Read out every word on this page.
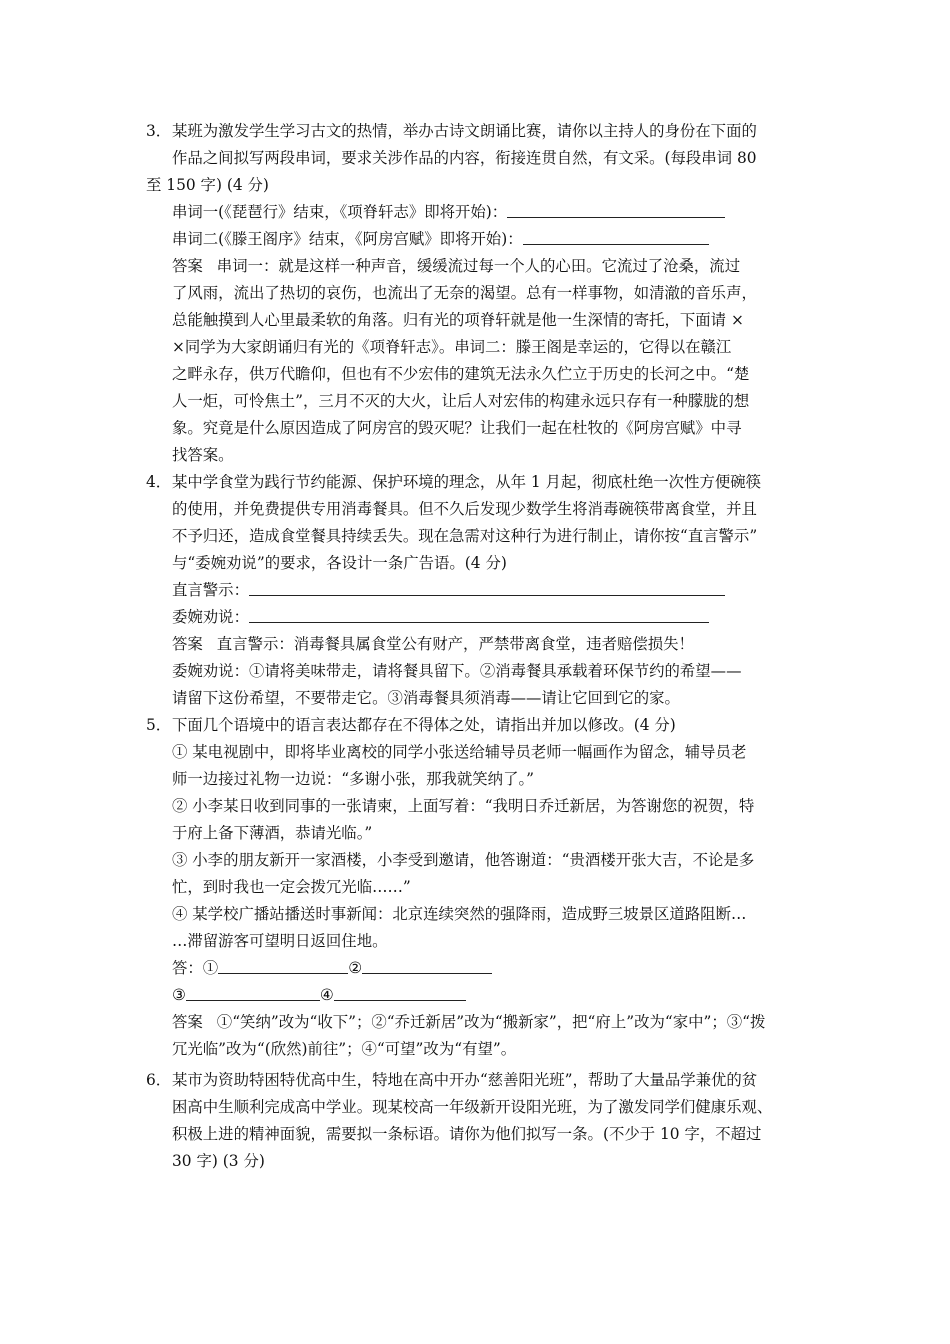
3．某班为激发学生学习古文的热情，举办古诗文朗诵比赛，请你以主持人的身份在下面的
作品之间拟写两段串词，要求关涉作品的内容，衔接连贯自然，有文采。(每段串词 80
至 150 字) (4 分)
串词一(《琵琶行》结束，《项脊轩志》即将开始)：
串词二(《滕王阁序》结束，《阿房宫赋》即将开始)：
答案 串词一：就是这样一种声音，缓缓流过每一个人的心田。它流过了沧桑，流过
了风雨，流出了热切的哀伤，也流出了无奈的渴望。总有一样事物，如清澈的音乐声，
总能触摸到人心里最柔软的角落。归有光的项脊轩就是他一生深情的寄托，下面请 ×
×同学为大家朗诵归有光的《项脊轩志》。串词二：滕王阁是幸运的，它得以在赣江
之畔永存，供万代瞻仰，但也有不少宏伟的建筑无法永久伫立于历史的长河之中。“楚
人一炬，可怜焦土”，三月不灭的大火，让后人对宏伟的构建永远只存有一种朦胧的想
象。究竟是什么原因造成了阿房宫的毁灭呢？让我们一起在杜牧的《阿房宫赋》中寻
找答案。
4．某中学食堂为践行节约能源、保护环境的理念，从年 1 月起，彻底杜绝一次性方便碗筷
的使用，并免费提供专用消毒餐具。但不久后发现少数学生将消毒碗筷带离食堂，并且
不予归还，造成食堂餐具持续丢失。现在急需对这种行为进行制止，请你按“直言警示”
与“委婉劝说”的要求，各设计一条广告语。(4 分)
直言警示：
委婉劝说：
答案 直言警示：消毒餐具属食堂公有财产，严禁带离食堂，违者赔偿损失！
委婉劝说：①请将美味带走，请将餐具留下。②消毒餐具承载着环保节约的希望——
请留下这份希望，不要带走它。③消毒餐具须消毒——请让它回到它的家。
5．下面几个语境中的语言表达都存在不得体之处，请指出并加以修改。(4 分)
① 某电视剧中，即将毕业离校的同学小张送给辅导员老师一幅画作为留念，辅导员老
师一边接过礼物一边说：“多谢小张，那我就笑纳了。”
② 小李某日收到同事的一张请柬，上面写着：“我明日乔迁新居，为答谢您的祝贺，特
于府上备下薄酒，恭请光临。”
③ 小李的朋友新开一家酒楼，小李受到邀请，他答谢道：“贵酒楼开张大吉，不论是多
忙，到时我也一定会拨冗光临……”
④ 某学校广播站播送时事新闻：北京连续突然的强降雨，造成野三坡景区道路阻断…
…滞留游客可望明日返回住地。
答：①	②
③	④
答案 ①“笑纳”改为“收下”；②“乔迁新居”改为“搬新家”，把“府上”改为“家中”；③“拨
冗光临”改为“(欣然)前往”；④“可望”改为“有望”。
6．某市为资助特困特优高中生，特地在高中开办“慈善阳光班”，帮助了大量品学兼优的贫
困高中生顺利完成高中学业。现某校高一年级新开设阳光班，为了激发同学们健康乐观、
积极上进的精神面貌，需要拟一条标语。请你为他们拟写一条。(不少于 10 字，不超过
30 字) (3 分)
